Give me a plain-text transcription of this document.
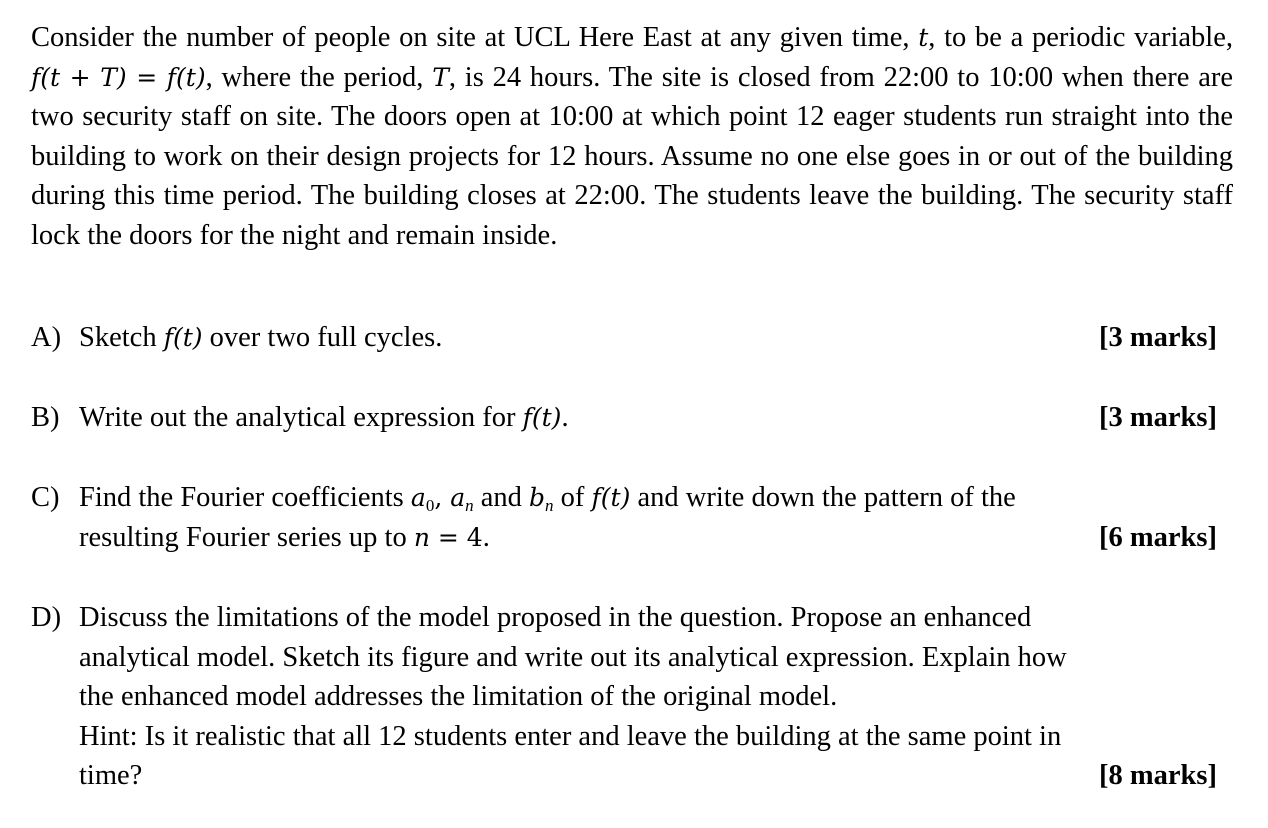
Consider the number of people on site at UCL Here East at any given time, t, to be a periodic variable, f(t + T) = f(t), where the period, T, is 24 hours. The site is closed from 22:00 to 10:00 when there are two security staff on site. The doors open at 10:00 at which point 12 eager students run straight into the building to work on their design projects for 12 hours. Assume no one else goes in or out of the building during this time period. The building closes at 22:00. The students leave the building. The security staff lock the doors for the night and remain inside.

A) Sketch f(t) over two full cycles.	[3 marks]
B) Write out the analytical expression for f(t).	[3 marks]
C) Find the Fourier coefficients $a_0$, $a_n$ and $b_n$ of f(t) and write down the pattern of the
resulting Fourier series up to n = 4.	[6 marks]
D) Discuss the limitations of the model proposed in the question. Propose an enhanced
analytical model. Sketch its figure and write out its analytical expression. Explain how
the enhanced model addresses the limitation of the original model.
Hint: Is it realistic that all 12 students enter and leave the building at the same point in
time?	[8 marks]
